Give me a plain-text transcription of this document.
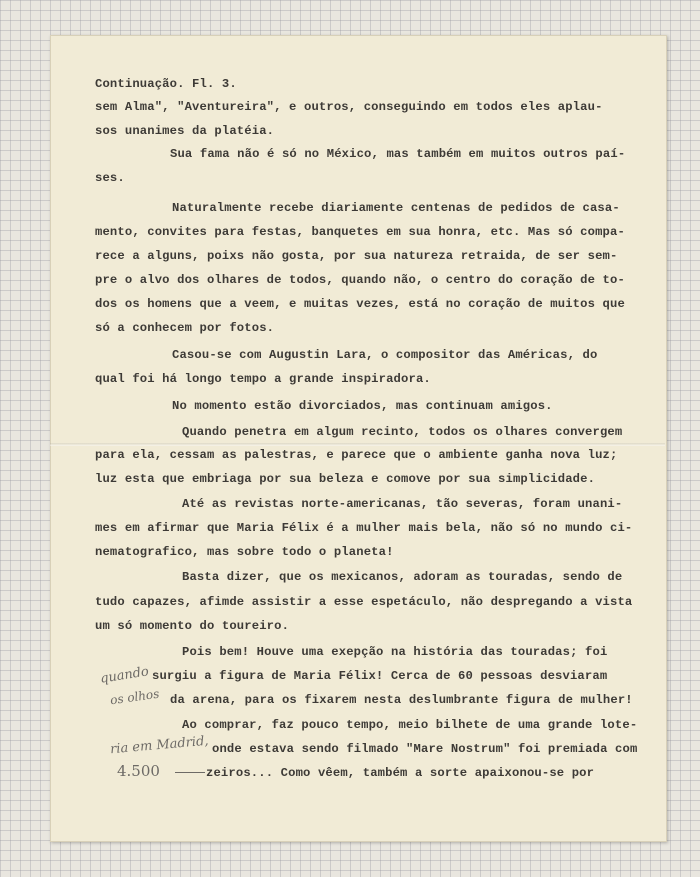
Continuação. Fl. 3.
sem Alma", "Aventureira", e outros, conseguindo em todos eles aplau-
sos unanimes da platéia.
Sua fama não é só no México, mas também em muitos outros paí-
ses.
Naturalmente recebe diariamente centenas de pedidos de casa-
mento, convites para festas, banquetes em sua honra, etc. Mas só compa-
rece a alguns, poixs não gosta, por sua natureza retraida, de ser sem-
pre o alvo dos olhares de todos, quando não, o centro do coração de to-
dos os homens que a veem, e muitas vezes, está no coração de muitos que
só a conhecem por fotos.
Casou-se com Augustin Lara, o compositor das Américas, do
qual foi há longo tempo a grande inspiradora.
No momento estão divorciados, mas continuam amigos.
Quando penetra em algum recinto, todos os olhares convergem
para ela, cessam as palestras, e parece que o ambiente ganha nova luz;
luz esta que embriaga por sua beleza e comove por sua simplicidade.
Até as revistas norte-americanas, tão severas, foram unani-
mes em afirmar que Maria Félix é a mulher mais bela, não só no mundo ci-
nematografico, mas sobre todo o planeta!
Basta dizer, que os mexicanos, adoram as touradas, sendo de
tudo capazes, afimde assistir a esse espetáculo, não despregando a vista
um só momento do toureiro.
Pois bem! Houve uma exepção na história das touradas; foi
surgiu a figura de Maria Félix! Cerca de 60 pessoas desviaram
da arena, para os fixarem nesta deslumbrante figura de mulher!
Ao comprar, faz pouco tempo, meio bilhete de uma grande lote-
onde estava sendo filmado "Mare Nostrum" foi premiada com
zeiros... Como vêem, também a sorte apaixonou-se por
quando
os olhos
ria em Madrid,
4.500
